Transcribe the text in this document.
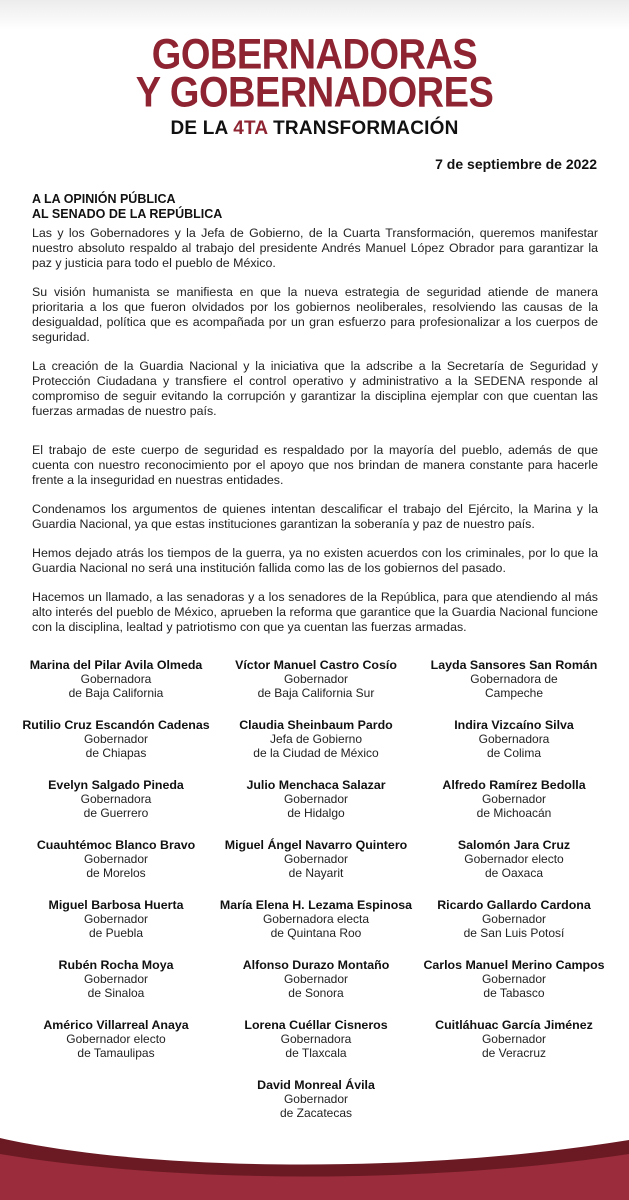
GOBERNADORAS
Y GOBERNADORES
DE LA 4TA TRANSFORMACIÓN
7 de septiembre de 2022
A LA OPINIÓN PÚBLICA
AL SENADO DE LA REPÚBLICA

Las y los Gobernadores y la Jefa de Gobierno, de la Cuarta Transformación, queremos manifestar nuestro absoluto respaldo al trabajo del presidente Andrés Manuel López Obrador para garantizar la paz y justicia para todo el pueblo de México.

Su visión humanista se manifiesta en que la nueva estrategia de seguridad atiende de manera prioritaria a los que fueron olvidados por los gobiernos neoliberales, resolviendo las causas de la desigualdad, política que es acompañada por un gran esfuerzo para profesionalizar a los cuerpos de seguridad.

La creación de la Guardia Nacional y la iniciativa que la adscribe a la Secretaría de Seguridad y Protección Ciudadana y transfiere el control operativo y administrativo a la SEDENA responde al compromiso de seguir evitando la corrupción y garantizar la disciplina ejemplar con que cuentan las fuerzas armadas de nuestro país.

El trabajo de este cuerpo de seguridad es respaldado por la mayoría del pueblo, además de que cuenta con nuestro reconocimiento por el apoyo que nos brindan de manera constante para hacerle frente a la inseguridad en nuestras entidades.

Condenamos los argumentos de quienes intentan descalificar el trabajo del Ejército, la Marina y la Guardia Nacional, ya que estas instituciones garantizan la soberanía y paz de nuestro país.

Hemos dejado atrás los tiempos de la guerra, ya no existen acuerdos con los criminales, por lo que la Guardia Nacional no será una institución fallida como las de los gobiernos del pasado.

Hacemos un llamado, a las senadoras y a los senadores de la República, para que atendiendo al más alto interés del pueblo de México, aprueben la reforma que garantice que la Guardia Nacional funcione con la disciplina, lealtad y patriotismo con que ya cuentan las fuerzas armadas.

Marina del Pilar Avila Olmeda
Gobernadora
de Baja California
Víctor Manuel Castro Cosío
Gobernador
de Baja California Sur
Layda Sansores San Román
Gobernadora de
Campeche
Rutilio Cruz Escandón Cadenas
Gobernador
de Chiapas
Claudia Sheinbaum Pardo
Jefa de Gobierno
de la Ciudad de México
Indira Vizcaíno Silva
Gobernadora
de Colima
Evelyn Salgado Pineda
Gobernadora
de Guerrero
Julio Menchaca Salazar
Gobernador
de Hidalgo
Alfredo Ramírez Bedolla
Gobernador
de Michoacán
Cuauhtémoc Blanco Bravo
Gobernador
de Morelos
Miguel Ángel Navarro Quintero
Gobernador
de Nayarit
Salomón Jara Cruz
Gobernador electo
de Oaxaca
Miguel Barbosa Huerta
Gobernador
de Puebla
María Elena H. Lezama Espinosa
Gobernadora electa
de Quintana Roo
Ricardo Gallardo Cardona
Gobernador
de San Luis Potosí
Rubén Rocha Moya
Gobernador
de Sinaloa
Alfonso Durazo Montaño
Gobernador
de Sonora
Carlos Manuel Merino Campos
Gobernador
de Tabasco
Américo Villarreal Anaya
Gobernador electo
de Tamaulipas
Lorena Cuéllar Cisneros
Gobernadora
de Tlaxcala
Cuitláhuac García Jiménez
Gobernador
de Veracruz
David Monreal Ávila
Gobernador
de Zacatecas
